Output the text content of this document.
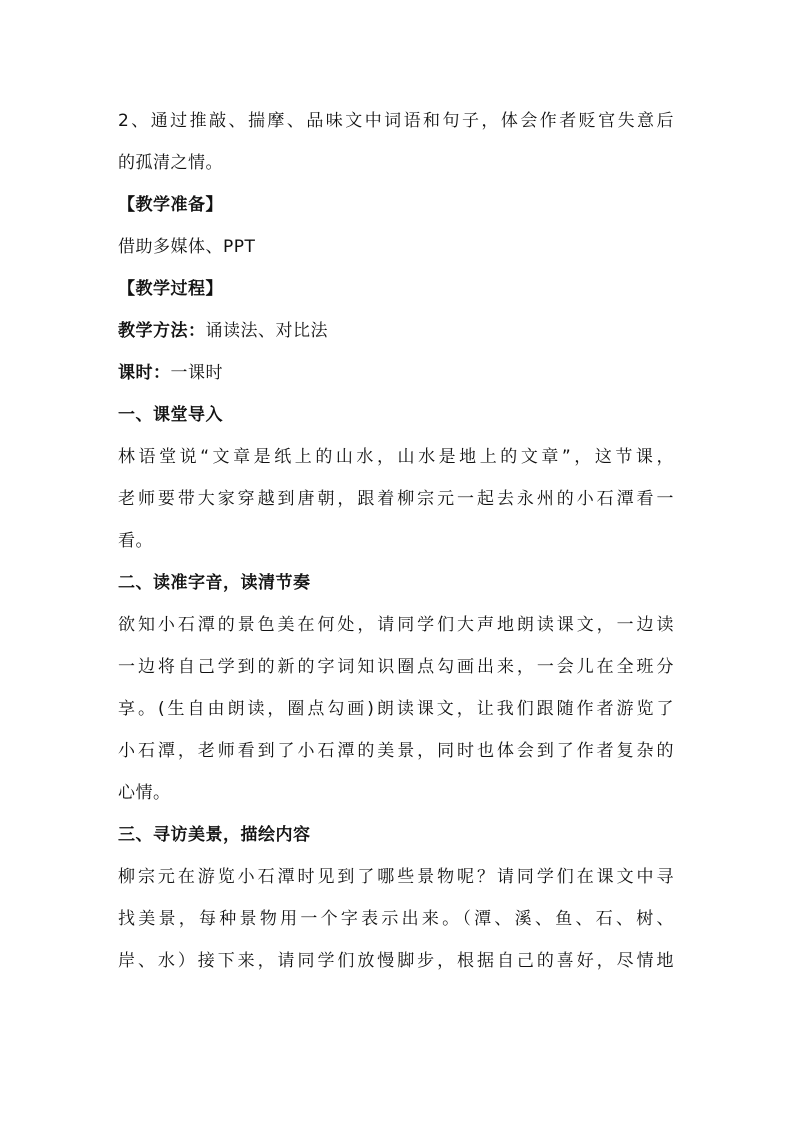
2、通过推敲、揣摩、品味文中词语和句子，体会作者贬官失意后
的孤清之情。
【教学准备】
借助多媒体、PPT
【教学过程】
教学方法：诵读法、对比法
课时：一课时
一、课堂导入
林语堂说“文章是纸上的山水，山水是地上的文章”，这节课，
老师要带大家穿越到唐朝，跟着柳宗元一起去永州的小石潭看一
看。
二、读准字音，读清节奏
欲知小石潭的景色美在何处，请同学们大声地朗读课文，一边读
一边将自己学到的新的字词知识圈点勾画出来，一会儿在全班分
享。(生自由朗读，圈点勾画)朗读课文，让我们跟随作者游览了
小石潭，老师看到了小石潭的美景，同时也体会到了作者复杂的
心情。
三、寻访美景，描绘内容
柳宗元在游览小石潭时见到了哪些景物呢？请同学们在课文中寻
找美景，每种景物用一个字表示出来。（潭、溪、鱼、石、树、
岸、水）接下来，请同学们放慢脚步，根据自己的喜好，尽情地
